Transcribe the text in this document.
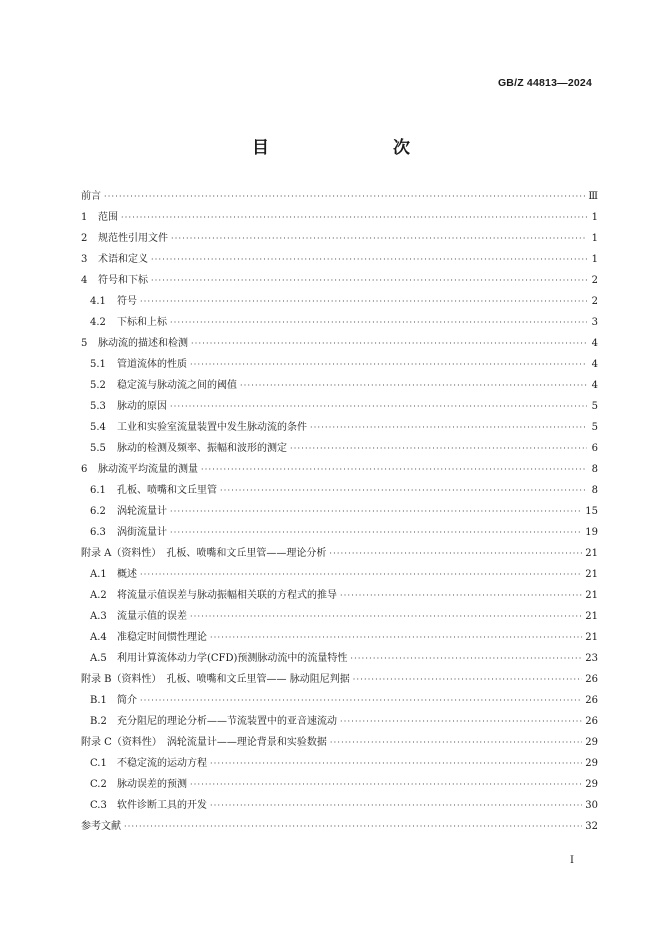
GB/Z 44813—2024
目　　次
前言 ·····	Ⅲ
1	范围 ·····	1
2	规范性引用文件 ·····	1
3	术语和定义 ·····	1
4	符号和下标 ·····	2
4.1	符号 ·····	2
4.2	下标和上标 ·····	3
5	脉动流的描述和检测 ·····	4
5.1	管道流体的性质 ·····	4
5.2	稳定流与脉动流之间的阈值 ·····	4
5.3	脉动的原因 ·····	5
5.4	工业和实验室流量装置中发生脉动流的条件 ·····	5
5.5	脉动的检测及频率、振幅和波形的测定 ·····	6
6	脉动流平均流量的测量 ·····	8
6.1	孔板、喷嘴和文丘里管 ·····	8
6.2	涡轮流量计 ·····	15
6.3	涡街流量计 ·····	19
附录 A（资料性）　孔板、喷嘴和文丘里管——理论分析 ·····	21
A.1	概述 ·····	21
A.2	将流量示值误差与脉动振幅相关联的方程式的推导 ·····	21
A.3	流量示值的误差 ·····	21
A.4	准稳定时间惯性理论 ·····	21
A.5	利用计算流体动力学(CFD)预测脉动流中的流量特性 ·····	23
附录 B（资料性）　孔板、喷嘴和文丘里管—— 脉动阻尼判据 ·····	26
B.1	简介 ·····	26
B.2	充分阻尼的理论分析——节流装置中的亚音速流动 ·····	26
附录 C（资料性）　涡轮流量计——理论背景和实验数据 ·····	29
C.1	不稳定流的运动方程 ·····	29
C.2	脉动误差的预测 ·····	29
C.3	软件诊断工具的开发 ·····	30
参考文献 ·····	32
I
